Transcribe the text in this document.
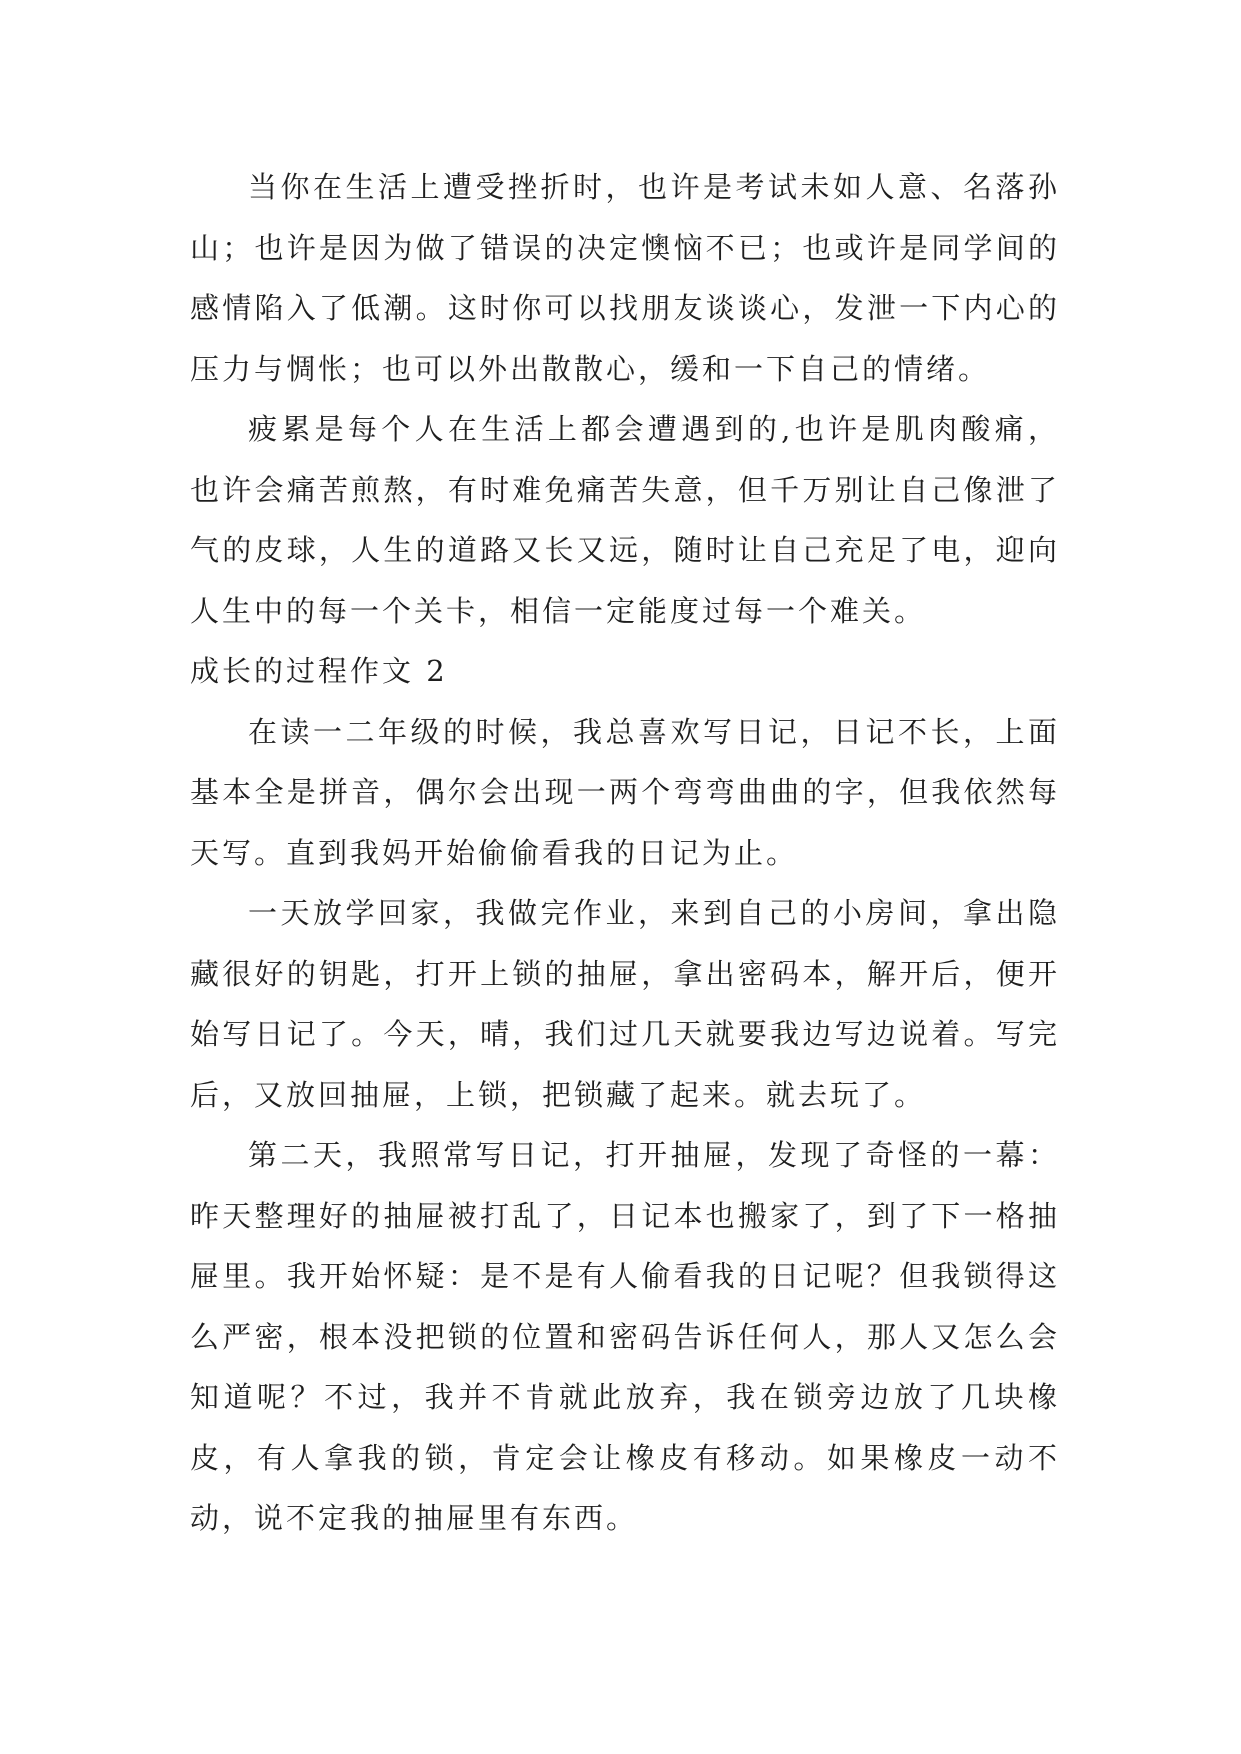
当你在生活上遭受挫折时，也许是考试未如人意、名落孙山；也许是因为做了错误的决定懊恼不已；也或许是同学间的感情陷入了低潮。这时你可以找朋友谈谈心，发泄一下内心的压力与惆怅；也可以外出散散心，缓和一下自己的情绪。

疲累是每个人在生活上都会遭遇到的,也许是肌肉酸痛，也许会痛苦煎熬，有时难免痛苦失意，但千万别让自己像泄了气的皮球，人生的道路又长又远，随时让自己充足了电，迎向人生中的每一个关卡，相信一定能度过每一个难关。

成长的过程作文 2

在读一二年级的时候，我总喜欢写日记，日记不长，上面基本全是拼音，偶尔会出现一两个弯弯曲曲的字，但我依然每天写。直到我妈开始偷偷看我的日记为止。

一天放学回家，我做完作业，来到自己的小房间，拿出隐藏很好的钥匙，打开上锁的抽屉，拿出密码本，解开后，便开始写日记了。今天，晴，我们过几天就要我边写边说着。写完后，又放回抽屉，上锁，把锁藏了起来。就去玩了。

第二天，我照常写日记，打开抽屉，发现了奇怪的一幕：昨天整理好的抽屉被打乱了，日记本也搬家了，到了下一格抽屉里。我开始怀疑：是不是有人偷看我的日记呢？但我锁得这么严密，根本没把锁的位置和密码告诉任何人，那人又怎么会知道呢？不过，我并不肯就此放弃，我在锁旁边放了几块橡皮，有人拿我的锁，肯定会让橡皮有移动。如果橡皮一动不动，说不定我的抽屉里有东西。
